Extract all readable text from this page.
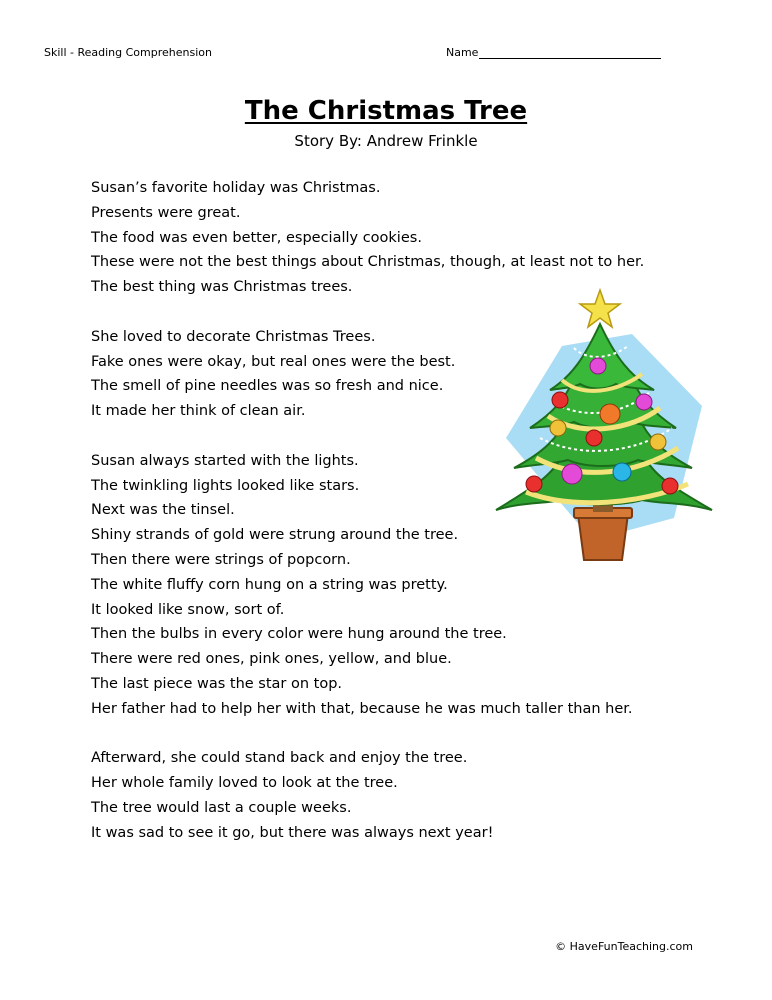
Skill - Reading Comprehension	Name
The Christmas Tree
Story By: Andrew Frinkle
Susan’s favorite holiday was Christmas.
Presents were great.
The food was even better, especially cookies.
These were not the best things about Christmas, though, at least not to her.
The best thing was Christmas trees.
She loved to decorate Christmas Trees.
Fake ones were okay, but real ones were the best.
The smell of pine needles was so fresh and nice.
It made her think of clean air.
Susan always started with the lights.
The twinkling lights looked like stars.
Next was the tinsel.
Shiny strands of gold were strung around the tree.
Then there were strings of popcorn.
The white fluffy corn hung on a string was pretty.
It looked like snow, sort of.
Then the bulbs in every color were hung around the tree.
There were red ones, pink ones, yellow, and blue.
The last piece was the star on top.
Her father had to help her with that, because he was much taller than her.
Afterward, she could stand back and enjoy the tree.
Her whole family loved to look at the tree.
The tree would last a couple weeks.
It was sad to see it go, but there was always next year!
© HaveFunTeaching.com
